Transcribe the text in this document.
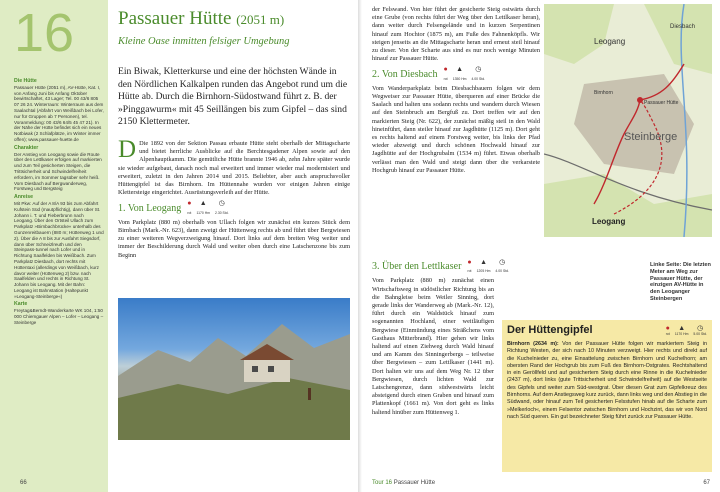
16
Die Hütte
Passauer Hütte (2051 m), AV-Hütte, Kat. I, von Anfang Juni bis Anfang Oktober bewirtschaftet, 43 Lager; Tel. 00 43/6 805 07 26 24. Winterraum: Winterraum aus dem Saalachtal (Abfahrt von Weißbach bei Lofer, nur für Gruppen ab 7 Personen), tel. Voranmeldung: 00 43/6 64/5 45 47 21). In der Nähe der Hütte befindet sich ein neues Notbiwak (2 Schlafplätze, im Winter immer offen); www.passauer-huette.de
Charakter
Der Anstieg von Leogang sowie die Route über den Lettlkaser erfolgen auf markierten und zum Teil gesicherten Steigen, die Trittsicherheit und Schwindelfreiheit erfordern, im Sommer tagsüber sehr heiß. Vom Diesbach auf Bergwanderweg, Forstweg und Bergsteig
Anreise
Mit Pkw: Auf der A 8/A 93 bis zum Abfahrt Kufstein Süd (mautpflichtig), dann über St. Johann i. T. und Fieberbrunn nach Leogang. Über den Ortsteil Ullach zum Parkplatz »Birnbachbrücke« unterhalb des Gunzenreitbauern (880 m; Hüttenweg 1 und 2). Über die A 8 bis zur Ausfahrt Siegsdorf, dann über Schneizlreuth und den Steinpass-tunnel nach Lofer und in Richtung Saalfelden bis Weißbach. Zum Parkplatz Diesbach, dort rechts mit Hüttentaxi (allerdings von Weißbach, kurz davor weiter (Hüttenweg 2) bzw. nach Saalfelden und rechts in Richtung St. Johann bis Leogang. Mit der Bahn: Leogang ist Bahnstation (Haltepunkt »Leogang-Steinberge«)
Karte
Freytag&Berndt-Wanderkarte WK 104, 1:50 000 Chiemgauer Alpen – Lofer – Leogang – Steinberge
Passauer Hütte (2051 m)
Kleine Oase inmitten felsiger Umgebung
Ein Biwak, Kletterkurse und eine der höchsten Wände in den Nördlichen Kalkalpen runden das Angebot rund um die Hütte ab. Durch die Birnhorn-Südostwand führt z. B. der »Pinggawurm« mit 45 Seillängen bis zum Gipfel – das sind 2150 Klettermeter.

D Die 1892 von der Sektion Passau erbaute Hütte steht oberhalb der Mittagscharte und bietet herrliche Ausblicke auf die Berchtesgadener Alpen sowie auf den Alpenhauptkamm. Die gemütliche Hütte brannte 1946 ab, zehn Jahre später wurde sie wieder aufgebaut, danach noch mal erweitert und immer wieder mal modernisiert und erweitert, zuletzt in den Jahren 2014 und 2015. Beliebter, aber auch anspruchsvoller Hüttengipfel ist das Birnhorn. Im Hüttennahe wurden vor einigen Jahren einige Klettersteige eingerichtet. Ausrüstungsverleih auf der Hütte.

1. Von Leogang ●
rot
▲
1170 Hm
◷
2.30 Std.

Vom Parkplatz (880 m) oberhalb von Ullach folgen wir zunächst ein kurzes Stück dem Birnbach (Mark.-Nr. 623), dann zweigt der Hüttenweg rechts ab und führt über Bergwiesen zu einer weiteren Wegverzweigung hinauf. Dort links auf dem breiten Weg weiter und immer der Beschilderung durch Wald und weiter oben durch eine Latschenzone bis zum Beginn

66

der Felswand. Von hier führt der gesicherte Steig ostwärts durch eine Grube (von rechts führt der Weg über den Lettlkaser heran), dann weiter durch Felsengelände und in kurzen Serpentinen hinauf zum Hochtor (1875 m), am Fuße des Fahnenköpfls. Wir steigen jenseits an die Mittagscharte heran und erneut steil hinauf zu dieser. Von der Scharte aus sind es nur noch wenige Minuten hinauf zur Passauer Hütte.

2. Von Diesbach ●
rot
▲
1350 Hm
◷
4.00 Std.

Vom Wanderparkplatz beim Diesbachbauern folgen wir dem Wegweiser zur Passauer Hütte, überqueren auf einer Brücke die Saalach und halten uns sodann rechts und wandern durch Wiesen auf den Steinbruch am Bergfuß zu. Dort treffen wir auf den markierten Steig (Nr. 622), der zunächst mäßig steil in den Wald hineinführt, dann steiler hinauf zur Jagdhütte (1125 m). Dort geht es rechts haltend auf einem Forstweg weiter, bis links der Pfad wieder abzweigt und durch schönen Hochwald hinauf zur Jagdhütte auf der Hochgrubalm (1534 m) führt. Etwas oberhalb verlässt man den Wald und steigt dann über die verkarstete Hochgrub hinauf zur Passauer Hütte.

Leogang
Steinberge
Diesbach
Birnhorn
Passauer Hütte
Leogang
3. Über den Lettlkaser ●
rot
▲
1205 Hm
◷
4.00 Std.

Vom Parkplatz (880 m) zunächst einen Wirtschaftsweg in südöstlicher Richtung bis an die Bahngleise beim Weiler Sinning, dort gerade links der Wanderweg ab (Mark.-Nr. 12), führt durch ein Waldstück hinauf zum sogenannten Hochland, einer weitläufigen Bergwiese (Einmündung eines Sträßchens vom Gasthaus Mitterbrand). Hier gehen wir links haltend auf einen Ziehweg durch Wald hinauf und am Kamm des Sinningerbergs – teilweise über Bergwiesen – zum Lettlkaser (1441 m). Dort halten wir uns auf dem Weg Nr. 12 über Bergwiesen, durch lichten Wald zur Latschengrenze, dann südwestwärts leicht absteigend durch einen Graben und hinauf zum Plattenkopf (1661 m). Von dort geht es links haltend hinüber zum Hüttenweg 1.

Linke Seite: Die letzten Meter am Weg zur Passauer Hütte, der einzigen AV-Hütte in den Leoganger Steinbergen
Der Hüttengipfel	●
rot
▲
1170 Hm
◷
5.00 Std.
Birnhorn (2634 m): Von der Passauer Hütte folgen wir markiertem Steig in Richtung Westen, der sich nach 10 Minuten verzweigt. Hier rechts und direkt auf die Kuchelnieder zu, eine Einsattelung zwischen Birnhorn und Kuchelhorn; am obersten Rand der Hochgrub bis zum Fuß des Birnhorn-Ostgrates. Rechtshaltend in ein Geröllfeld und auf gesichertem Steig durch eine Rinne in die Kuchelnieder (2437 m), dort links (gute Trittsicherheit und Schwindelfreiheit) auf die Westseite des Gipfels und weiter zum Süd-westgrat. Über diesen Grat zum Gipfelkreuz des Birnhorns. Auf dem Anstiegsweg kurz zurück, dann links weg und den Abstieg in die Südwand, oder hinauf zum Teil gesicherten Felsstufen hinab auf die Scharte zum »Melkerloch«, einem Felsentor zwischen Birnhorn und Hochzint, das wir von Nord nach Süd queren. Ein gut bezeichneter Steig führt zurück zur Passauer Hütte.
Tour 16 Passauer Hütte	67
